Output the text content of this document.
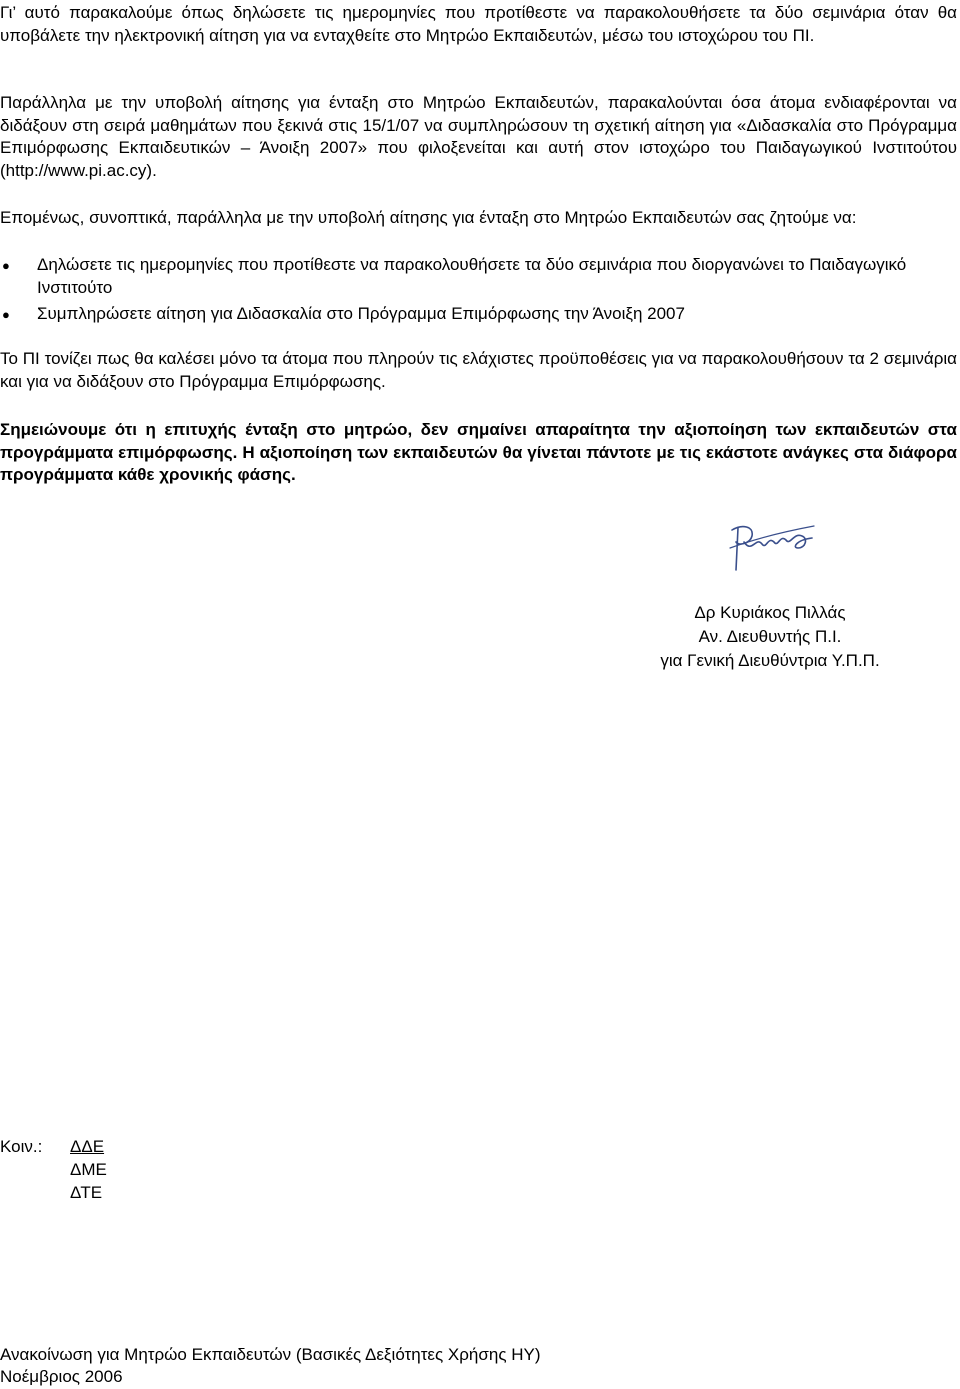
Γι’ αυτό παρακαλούμε όπως δηλώσετε τις ημερομηνίες που προτίθεστε να παρακολουθήσετε τα δύο σεμινάρια όταν θα υποβάλετε την ηλεκτρονική αίτηση για να ενταχθείτε στο Μητρώο Εκπαιδευτών, μέσω του ιστοχώρου του ΠΙ.

Παράλληλα με την υποβολή αίτησης για ένταξη στο Μητρώο Εκπαιδευτών, παρακαλούνται όσα άτομα ενδιαφέρονται να διδάξουν στη σειρά μαθημάτων που ξεκινά στις 15/1/07 να συμπληρώσουν τη σχετική αίτηση για «Διδασκαλία στο Πρόγραμμα Επιμόρφωσης Εκπαιδευτικών – Άνοιξη 2007» που φιλοξενείται και αυτή στον ιστοχώρο του Παιδαγωγικού Ινστιτούτου (http://www.pi.ac.cy).

Επομένως, συνοπτικά, παράλληλα με την υποβολή αίτησης για ένταξη στο Μητρώο Εκπαιδευτών σας ζητούμε να:

● Δηλώσετε τις ημερομηνίες που προτίθεστε να παρακολουθήσετε τα δύο σεμινάρια που διοργανώνει το Παιδαγωγικό Ινστιτούτο
● Συμπληρώσετε αίτηση για Διδασκαλία στο Πρόγραμμα Επιμόρφωσης την Άνοιξη 2007

Το ΠΙ τονίζει πως θα καλέσει μόνο τα άτομα που πληρούν τις ελάχιστες προϋποθέσεις για να παρακολουθήσουν τα 2 σεμινάρια και για να διδάξουν στο Πρόγραμμα Επιμόρφωσης.

Σημειώνουμε ότι η επιτυχής ένταξη στο μητρώο, δεν σημαίνει απαραίτητα την αξιοποίηση των εκπαιδευτών στα προγράμματα επιμόρφωσης. Η αξιοποίηση των εκπαιδευτών θα γίνεται πάντοτε με τις εκάστοτε ανάγκες στα διάφορα προγράμματα κάθε χρονικής φάσης.

Δρ Κυριάκος Πιλλάς
Αν. Διευθυντής Π.Ι.
για Γενική Διευθύντρια Υ.Π.Π.
Κοιν.: ΔΔΕ
ΔΜΕ
ΔΤΕ
Ανακοίνωση για Μητρώο Εκπαιδευτών (Βασικές Δεξιότητες Χρήσης ΗΥ)
Νοέμβριος 2006
